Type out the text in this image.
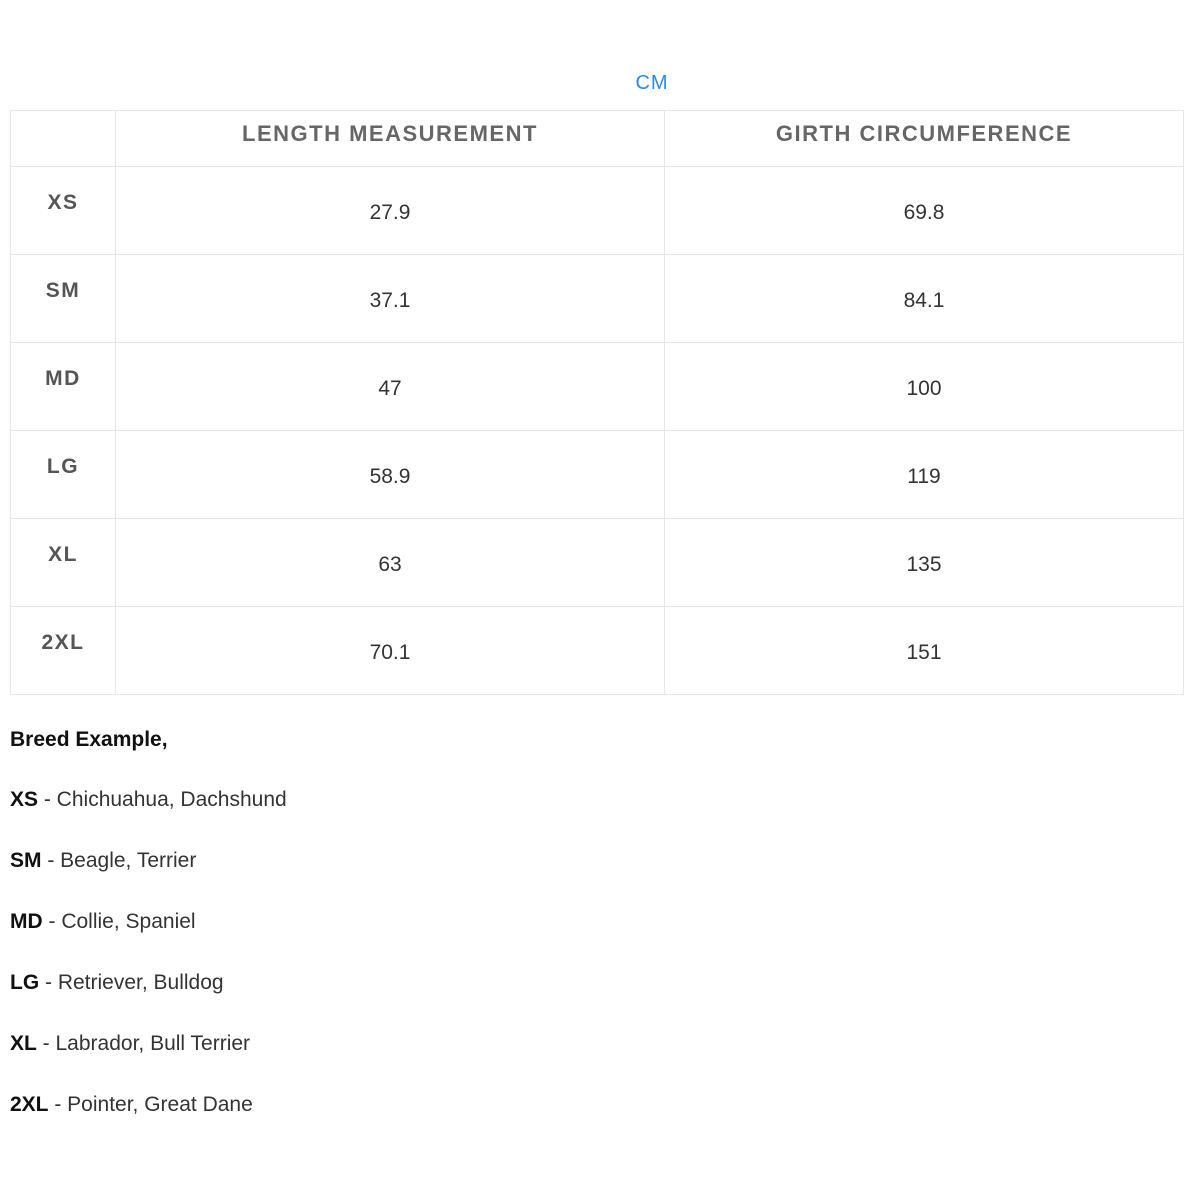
CM
	LENGTH MEASUREMENT	GIRTH CIRCUMFERENCE
XS	27.9	69.8
SM	37.1	84.1
MD	47	100
LG	58.9	119
XL	63	135
2XL	70.1	151
Breed Example,
XS - Chichuahua, Dachshund
SM - Beagle, Terrier
MD - Collie, Spaniel
LG - Retriever, Bulldog
XL - Labrador, Bull Terrier
2XL - Pointer, Great Dane
